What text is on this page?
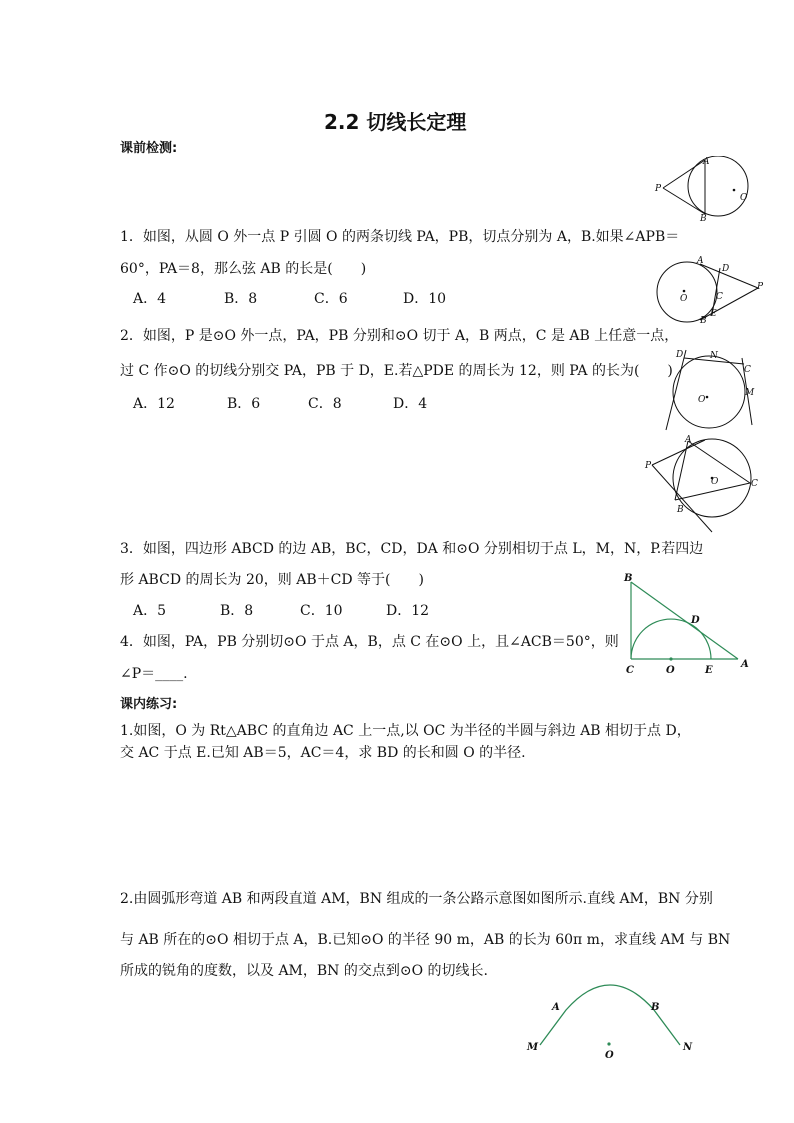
2.2 切线长定理
课前检测:
1．如图，从圆 O 外一点 P 引圆 O 的两条切线 PA，PB，切点分别为 A，B.如果∠APB＝
60°，PA＝8，那么弦 AB 的长是(　　)
A．4	B．8	C．6	D．10
2．如图，P 是⊙O 外一点，PA，PB 分别和⊙O 切于 A，B 两点，C 是 AB 上任意一点，
过 C 作⊙O 的切线分别交 PA，PB 于 D，E.若△PDE 的周长为 12，则 PA 的长为(　　)
A．12	B．6	C．8	D．4
3．如图，四边形 ABCD 的边 AB，BC，CD，DA 和⊙O 分别相切于点 L，M，N，P.若四边
形 ABCD 的周长为 20，则 AB＋CD 等于(　　)
A．5	B．8	C．10	D．12
4．如图，PA，PB 分别切⊙O 于点 A，B，点 C 在⊙O 上，且∠ACB＝50°，则
∠P＝____.
课内练习:
1.如图，O 为 Rt△ABC 的直角边 AC 上一点,以 OC 为半径的半圆与斜边 AB 相切于点 D，
交 AC 于点 E.已知 AB＝5，AC＝4，求 BD 的长和圆 O 的半径.
2.由圆弧形弯道 AB 和两段直道 AM，BN 组成的一条公路示意图如图所示.直线 AM，BN 分别
与 AB 所在的⊙O 相切于点 A，B.已知⊙O 的半径 90 m，AB 的长为 60π m，求直线 AM 与 BN
所成的锐角的度数，以及 AM，BN 的交点到⊙O 的切线长.
P
A
B
O
A
D
P
O	C
B
E
D	N
C
M
O
A
P
O	C
B
B
D
C	O	E
A
A	B
M	N
O
